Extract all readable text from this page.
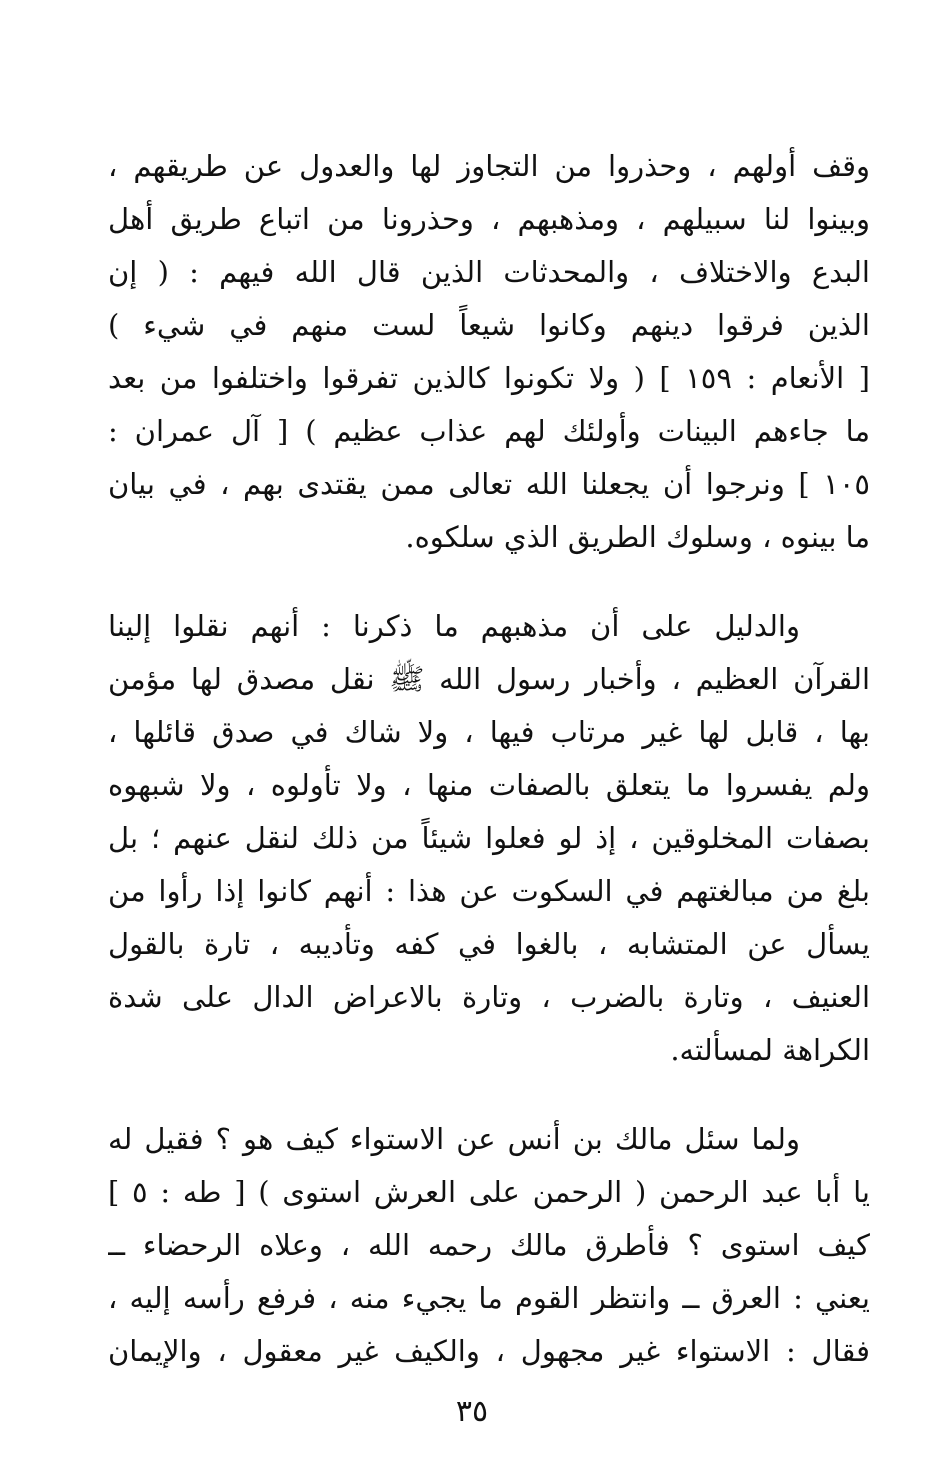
وقف أولهم ، وحذروا من التجاوز لها والعدول عن طريقهم ،
وبينوا لنا سبيلهم ، ومذهبهم ، وحذرونا من اتباع طريق أهل
البدع والاختلاف ، والمحدثات الذين قال الله فيهم : ( إن
الذين فرقوا دينهم وكانوا شيعاً لست منهم في شيء )
[ الأنعام : ١٥٩ ] ( ولا تكونوا كالذين تفرقوا واختلفوا من بعد
ما جاءهم البينات وأولئك لهم عذاب عظيم ) [ آل عمران :
١٠٥ ] ونرجوا أن يجعلنا الله تعالى ممن يقتدى بهم ، في بيان
ما بينوه ، وسلوك الطريق الذي سلكوه.
والدليل على أن مذهبهم ما ذكرنا : أنهم نقلوا إلينا
القرآن العظيم ، وأخبار رسول الله ﷺ نقل مصدق لها مؤمن
بها ، قابل لها غير مرتاب فيها ، ولا شاك في صدق قائلها ،
ولم يفسروا ما يتعلق بالصفات منها ، ولا تأولوه ، ولا شبهوه
بصفات المخلوقين ، إذ لو فعلوا شيئاً من ذلك لنقل عنهم ؛ بل
بلغ من مبالغتهم في السكوت عن هذا : أنهم كانوا إذا رأوا من
يسأل عن المتشابه ، بالغوا في كفه وتأديبه ، تارة بالقول
العنيف ، وتارة بالضرب ، وتارة بالاعراض الدال على شدة
الكراهة لمسألته.
ولما سئل مالك بن أنس عن الاستواء كيف هو ؟ فقيل له
يا أبا عبد الرحمن ( الرحمن على العرش استوى ) [ طه : ٥ ]
كيف استوى ؟ فأطرق مالك رحمه الله ، وعلاه الرحضاء ــ
يعني : العرق ــ وانتظر القوم ما يجيء منه ، فرفع رأسه إليه ،
فقال : الاستواء غير مجهول ، والكيف غير معقول ، والإيمان
٣٥
